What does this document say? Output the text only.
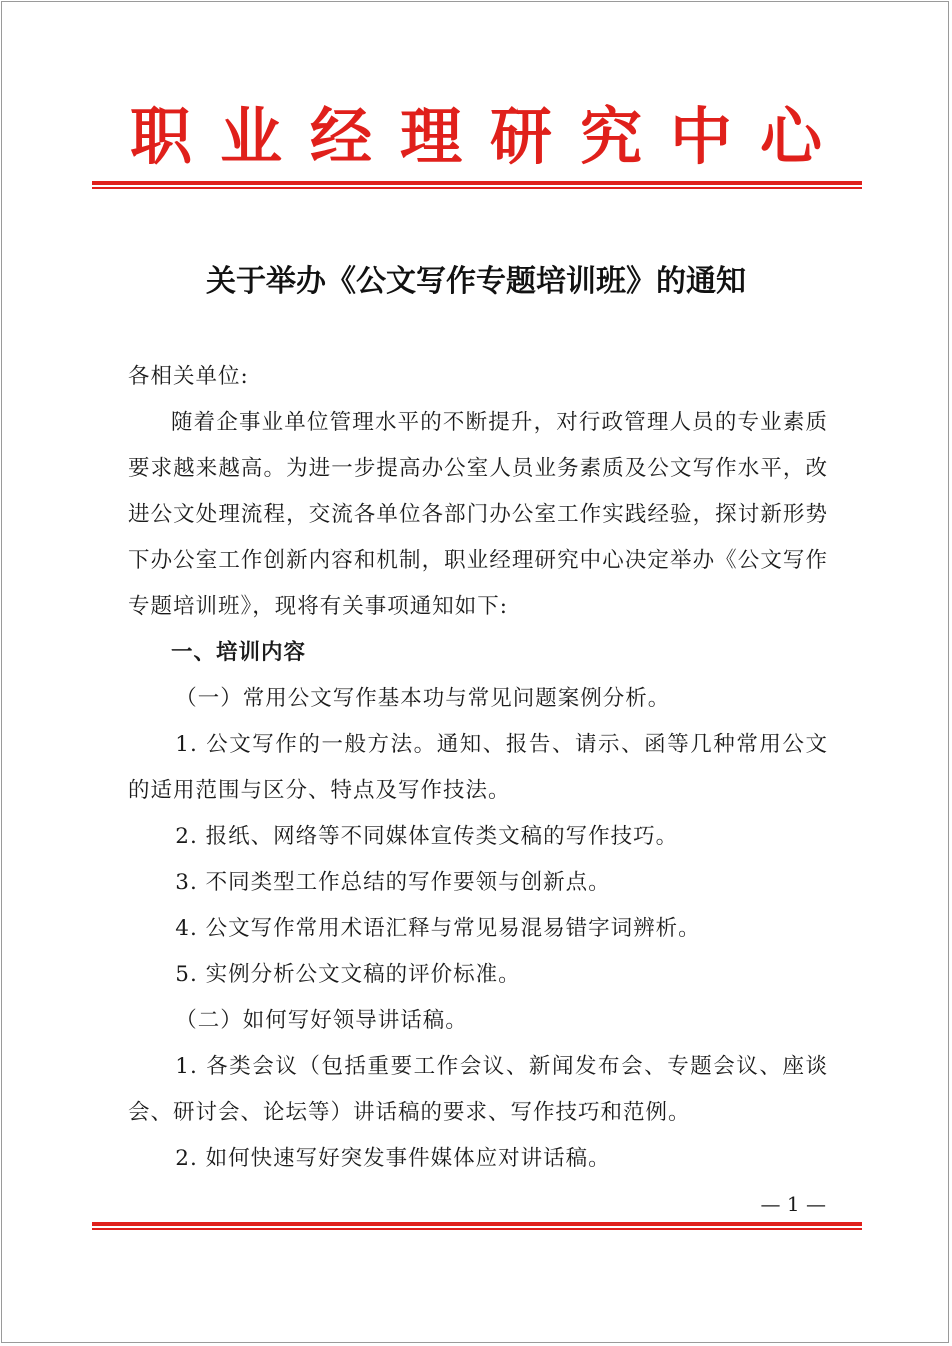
职业经理研究中心
关于举办《公文写作专题培训班》的通知

各相关单位:

随着企事业单位管理水平的不断提升，对行政管理人员的专业素质要求越来越高。为进一步提高办公室人员业务素质及公文写作水平，改进公文处理流程，交流各单位各部门办公室工作实践经验，探讨新形势下办公室工作创新内容和机制，职业经理研究中心决定举办《公文写作专题培训班》，现将有关事项通知如下:

一、培训内容

（一）常用公文写作基本功与常见问题案例分析。

1. 公文写作的一般方法。通知、报告、请示、函等几种常用公文的适用范围与区分、特点及写作技法。

2. 报纸、网络等不同媒体宣传类文稿的写作技巧。

3. 不同类型工作总结的写作要领与创新点。

4. 公文写作常用术语汇释与常见易混易错字词辨析。

5. 实例分析公文文稿的评价标准。

（二）如何写好领导讲话稿。

1. 各类会议（包括重要工作会议、新闻发布会、专题会议、座谈会、研讨会、论坛等）讲话稿的要求、写作技巧和范例。

2. 如何快速写好突发事件媒体应对讲话稿。

— 1 —
